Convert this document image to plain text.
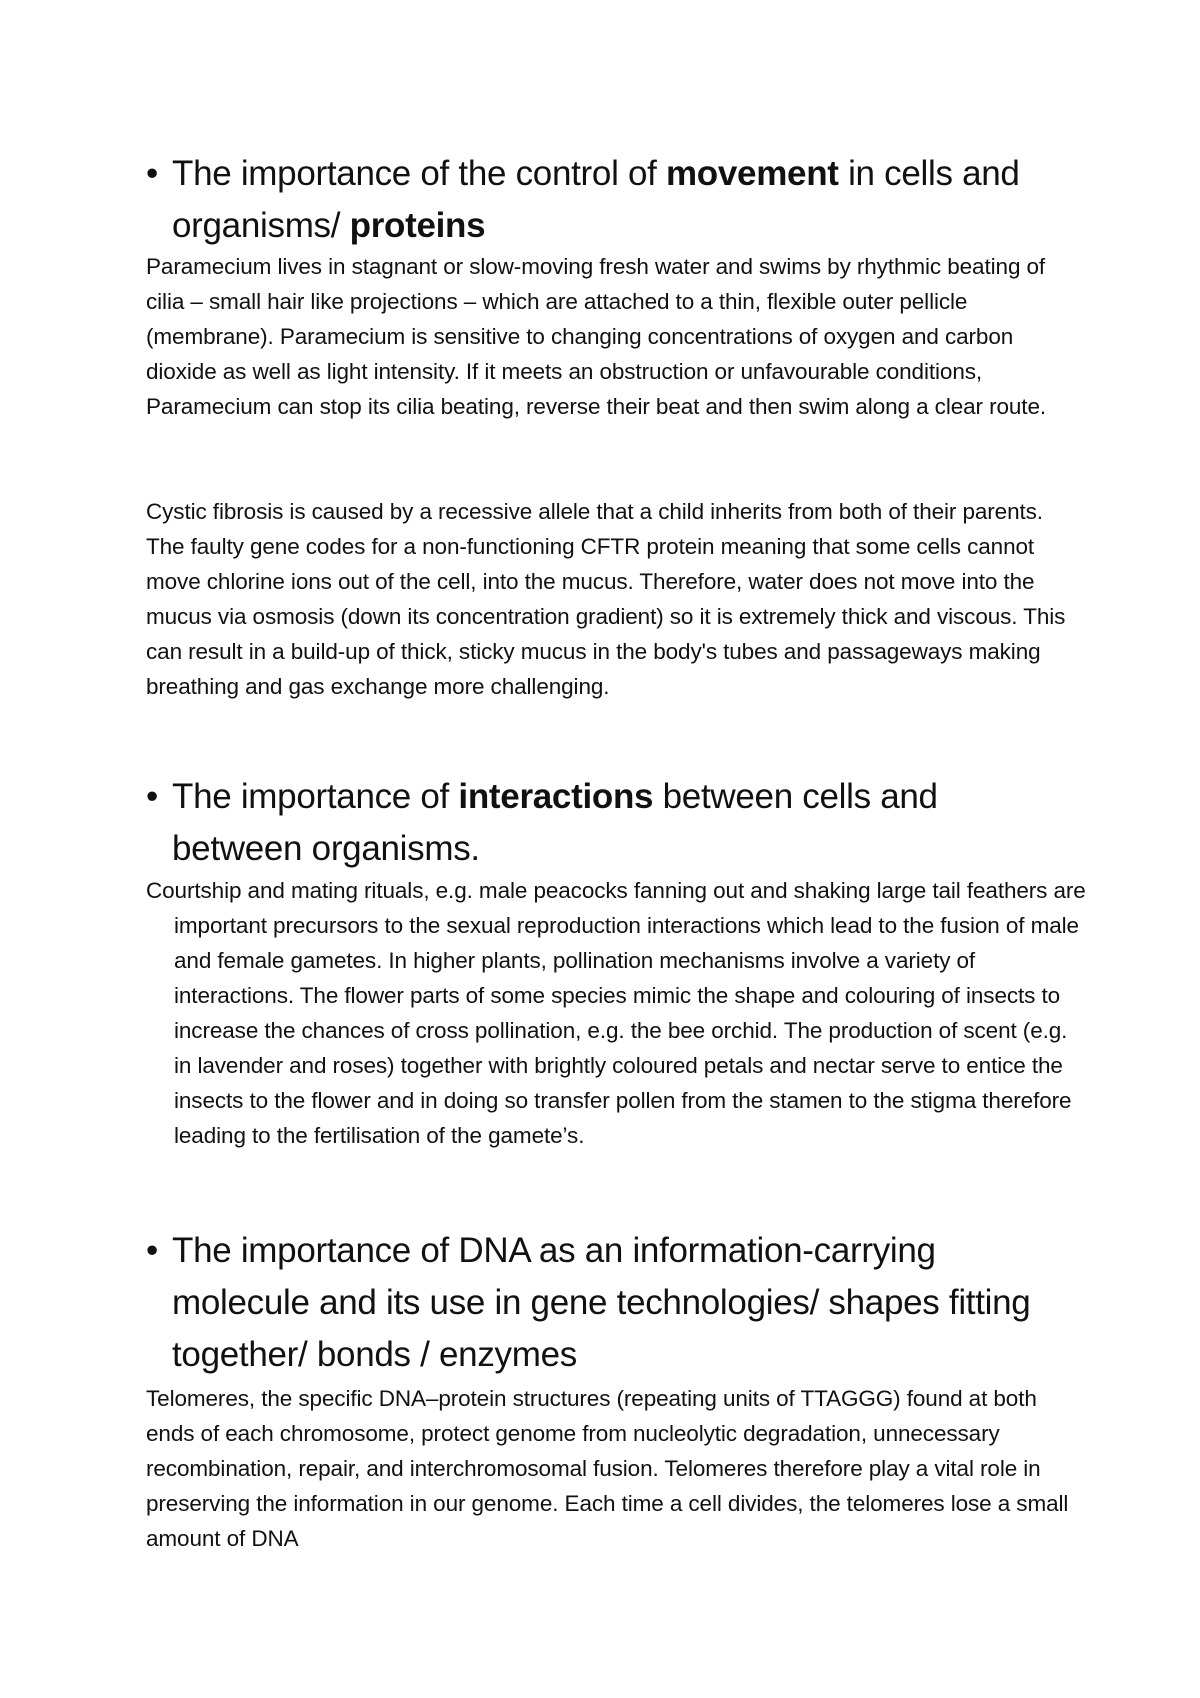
• The importance of the control of movement in cells and organisms/ proteins

Paramecium lives in stagnant or slow-moving fresh water and swims by rhythmic beating of cilia – small hair like projections – which are attached to a thin, flexible outer pellicle (membrane). Paramecium is sensitive to changing concentrations of oxygen and carbon dioxide as well as light intensity. If it meets an obstruction or unfavourable conditions, Paramecium can stop its cilia beating, reverse their beat and then swim along a clear route.

Cystic fibrosis is caused by a recessive allele that a child inherits from both of their parents. The faulty gene codes for a non-functioning CFTR protein meaning that some cells cannot move chlorine ions out of the cell, into the mucus. Therefore, water does not move into the mucus via osmosis (down its concentration gradient) so it is extremely thick and viscous. This can result in a build-up of thick, sticky mucus in the body's tubes and passageways making breathing and gas exchange more challenging.

• The importance of interactions between cells and between organisms.

Courtship and mating rituals, e.g. male peacocks fanning out and shaking large tail feathers are important precursors to the sexual reproduction interactions which lead to the fusion of male and female gametes. In higher plants, pollination mechanisms involve a variety of interactions. The flower parts of some species mimic the shape and colouring of insects to increase the chances of cross pollination, e.g. the bee orchid. The production of scent (e.g. in lavender and roses) together with brightly coloured petals and nectar serve to entice the insects to the flower and in doing so transfer pollen from the stamen to the stigma therefore leading to the fertilisation of the gamete’s.

• The importance of DNA as an information-carrying molecule and its use in gene technologies/ shapes fitting together/ bonds / enzymes

Telomeres, the specific DNA–protein structures (repeating units of TTAGGG) found at both ends of each chromosome, protect genome from nucleolytic degradation, unnecessary recombination, repair, and interchromosomal fusion. Telomeres therefore play a vital role in preserving the information in our genome. Each time a cell divides, the telomeres lose a small amount of DNA
